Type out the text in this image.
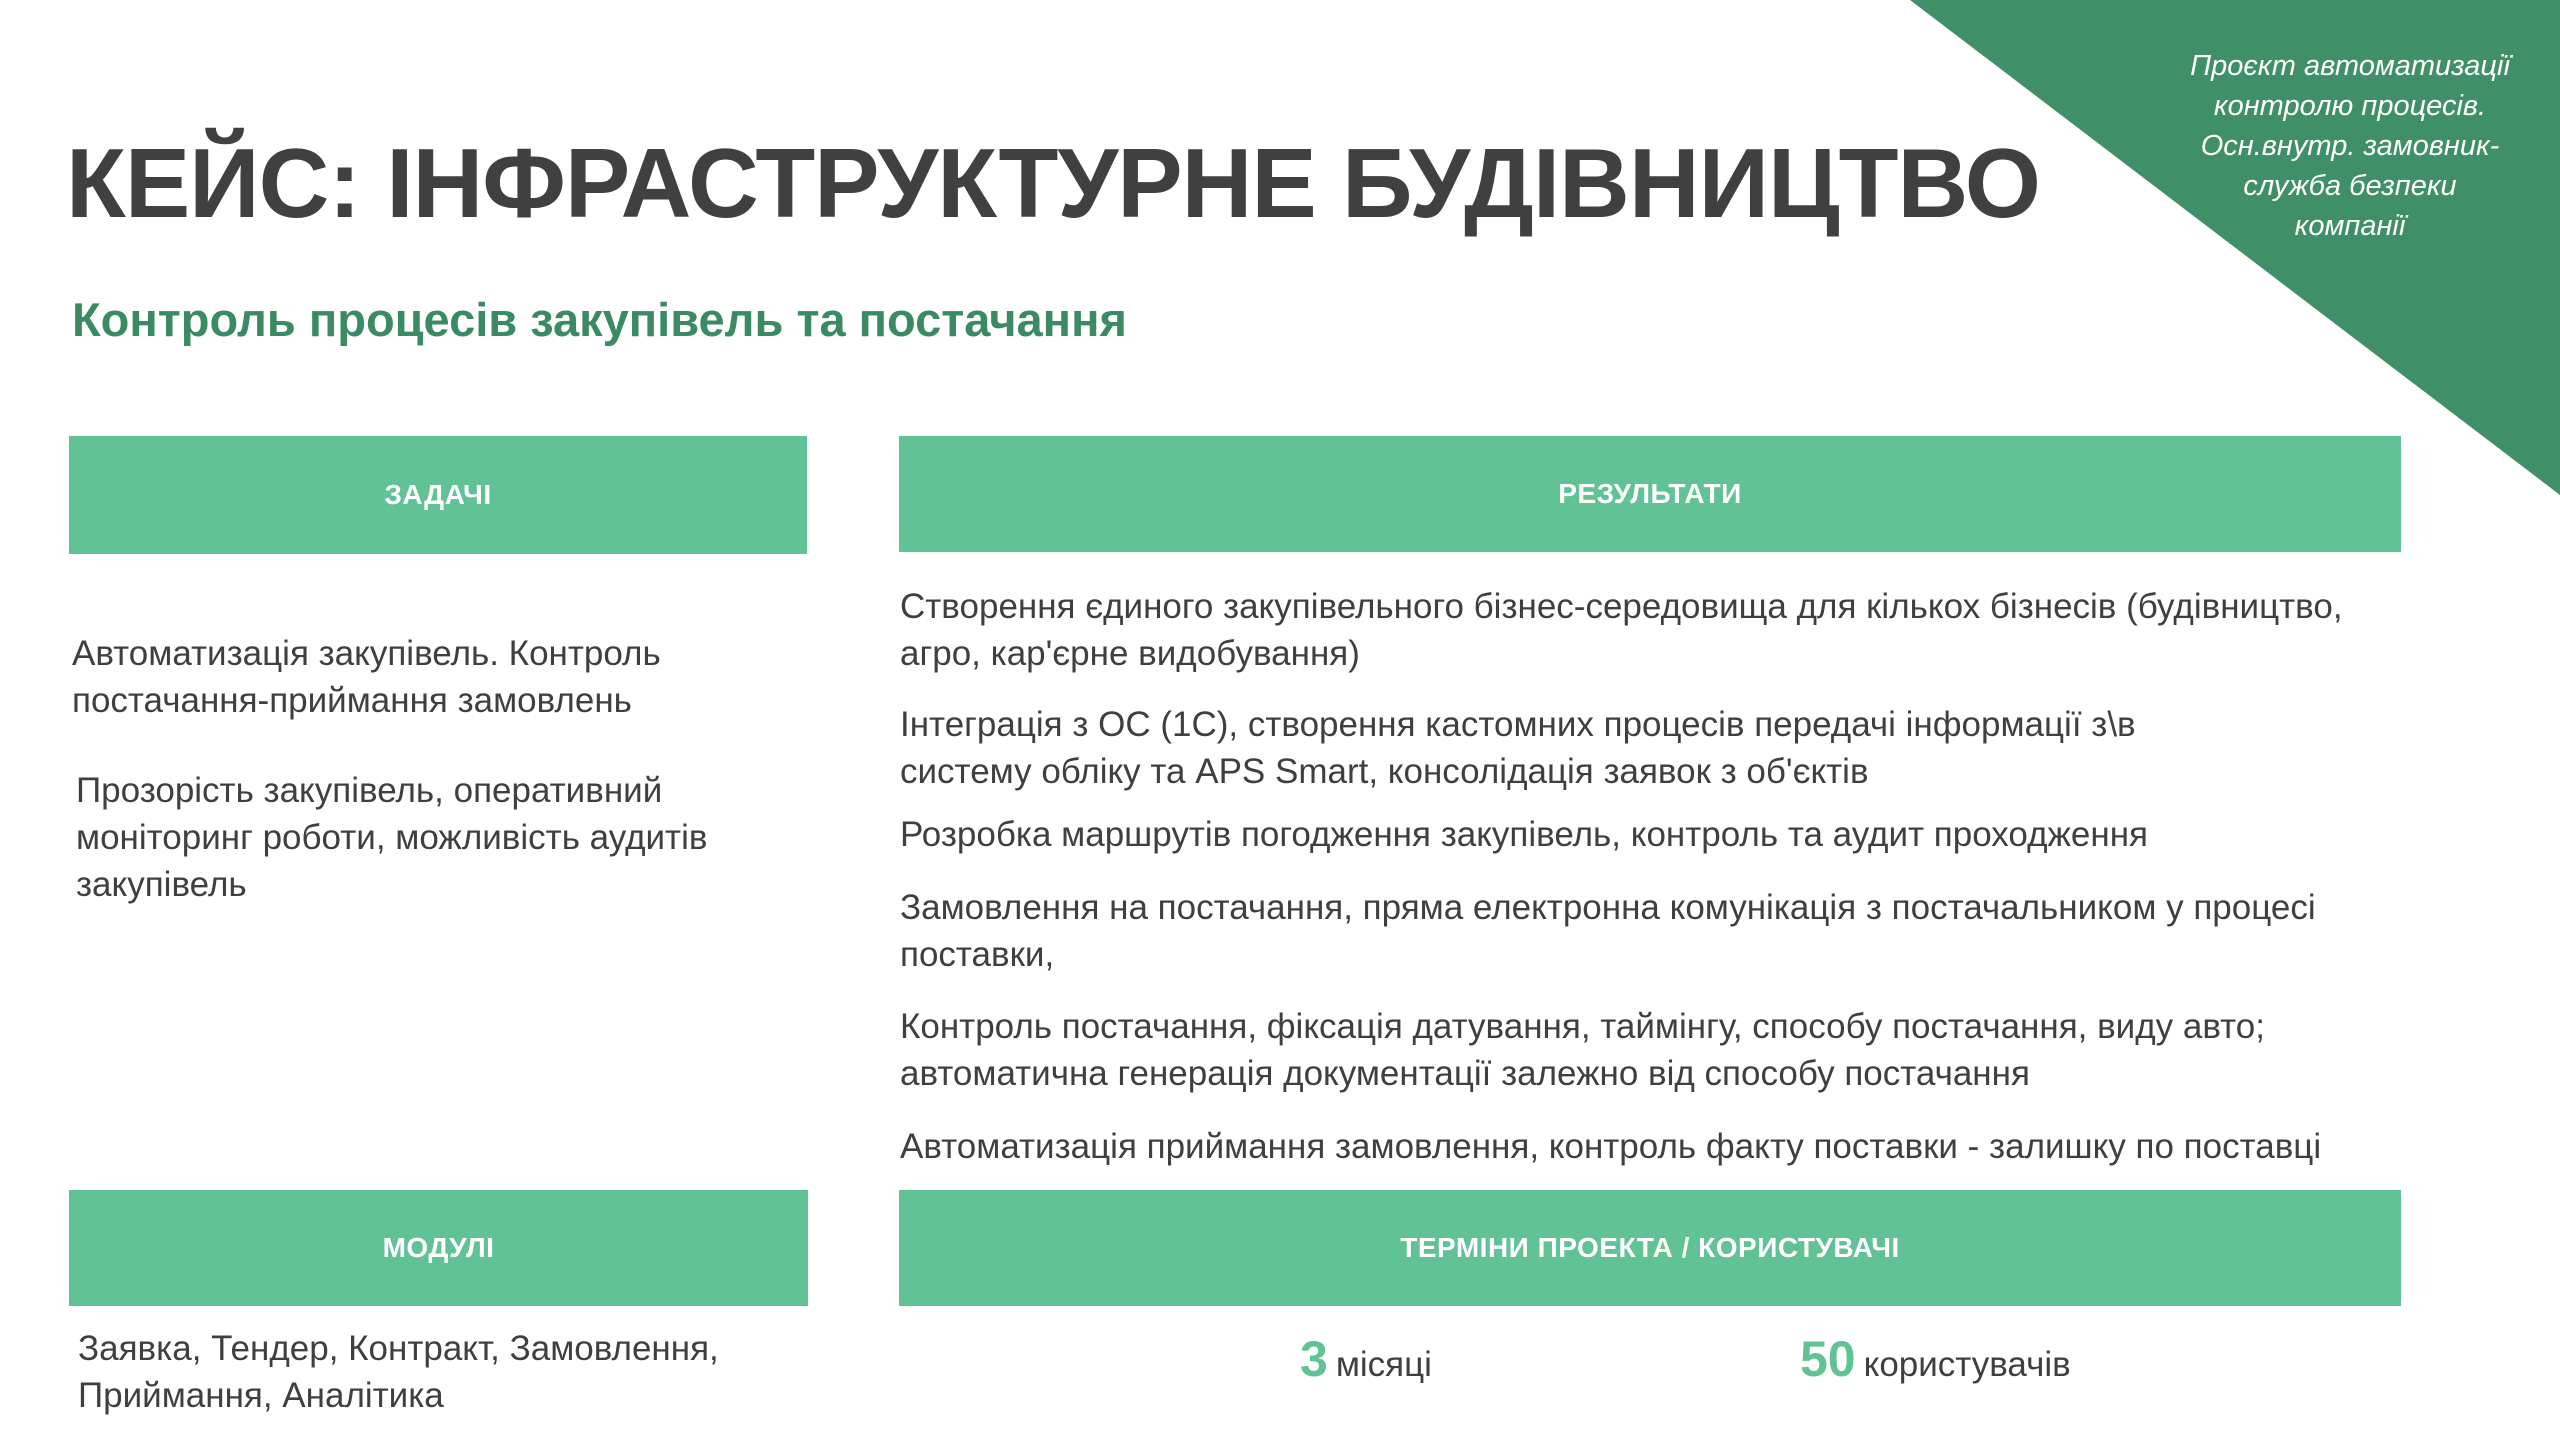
Проєкт автоматизації
контролю процесів.
Осн.внутр. замовник-
служба безпеки
компанії
КЕЙС: ІНФРАСТРУКТУРНЕ БУДІВНИЦТВО
Контроль процесів закупівель та постачання
ЗАДАЧІ	РЕЗУЛЬТАТИ
Автоматизація закупівель. Контроль
постачання-приймання замовлень
Прозорість закупівель, оперативний
моніторинг роботи, можливість аудитів
закупівель
Створення єдиного закупівельного бізнес-середовища для кількох бізнесів (будівництво,
агро, кар'єрне видобування)
Інтеграція з ОС (1С), створення кастомних процесів передачі інформації з\в
систему обліку та APS Smart, консолідація заявок з об'єктів
Розробка маршрутів погодження закупівель, контроль та аудит проходження
Замовлення на постачання, пряма електронна комунікація з постачальником у процесі
поставки,
Контроль постачання, фіксація датування, таймінгу, способу постачання, виду авто;
автоматична генерація документації залежно від способу постачання
Автоматизація приймання замовлення, контроль факту поставки - залишку по поставці
МОДУЛІ	ТЕРМІНИ ПРОЕКТА / КОРИСТУВАЧІ
Заявка, Тендер, Контракт, Замовлення,
Приймання, Аналітика
3 місяці	50 користувачів
